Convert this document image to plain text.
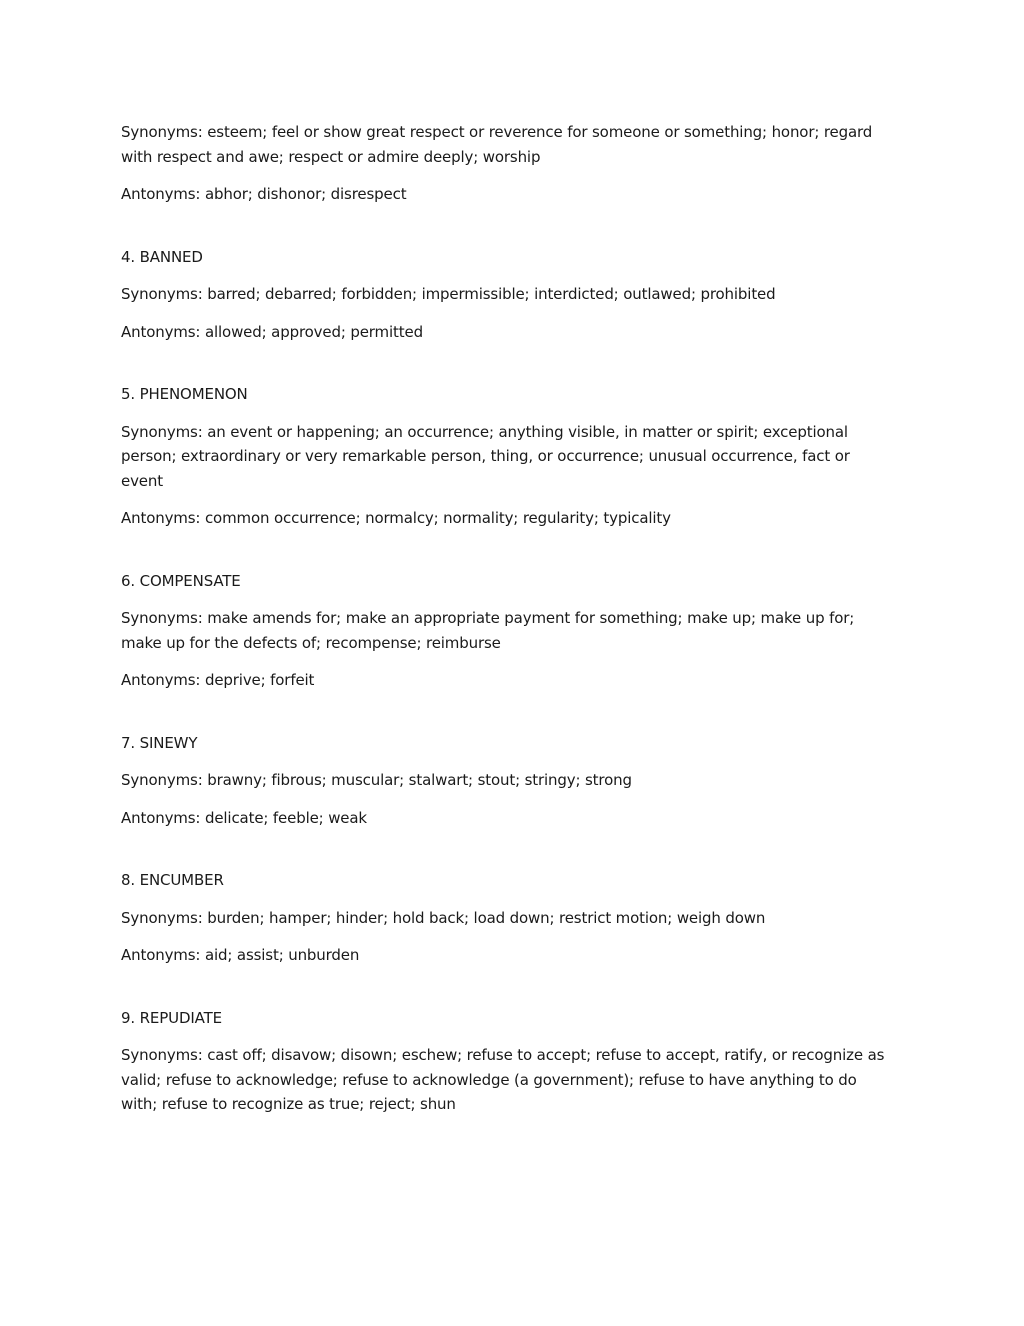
Synonyms: esteem; feel or show great respect or reverence for someone or something; honor; regard with respect and awe; respect or admire deeply; worship

Antonyms: abhor; dishonor; disrespect

4. BANNED

Synonyms: barred; debarred; forbidden; impermissible; interdicted; outlawed; prohibited

Antonyms: allowed; approved; permitted

5. PHENOMENON

Synonyms: an event or happening; an occurrence; anything visible, in matter or spirit; exceptional person; extraordinary or very remarkable person, thing, or occurrence; unusual occurrence, fact or event

Antonyms: common occurrence; normalcy; normality; regularity; typicality

6. COMPENSATE

Synonyms: make amends for; make an appropriate payment for something; make up; make up for; make up for the defects of; recompense; reimburse

Antonyms: deprive; forfeit

7. SINEWY

Synonyms: brawny; fibrous; muscular; stalwart; stout; stringy; strong

Antonyms: delicate; feeble; weak

8. ENCUMBER

Synonyms: burden; hamper; hinder; hold back; load down; restrict motion; weigh down

Antonyms: aid; assist; unburden

9. REPUDIATE

Synonyms: cast off; disavow; disown; eschew; refuse to accept; refuse to accept, ratify, or recognize as valid; refuse to acknowledge; refuse to acknowledge (a government); refuse to have anything to do with; refuse to recognize as true; reject; shun
